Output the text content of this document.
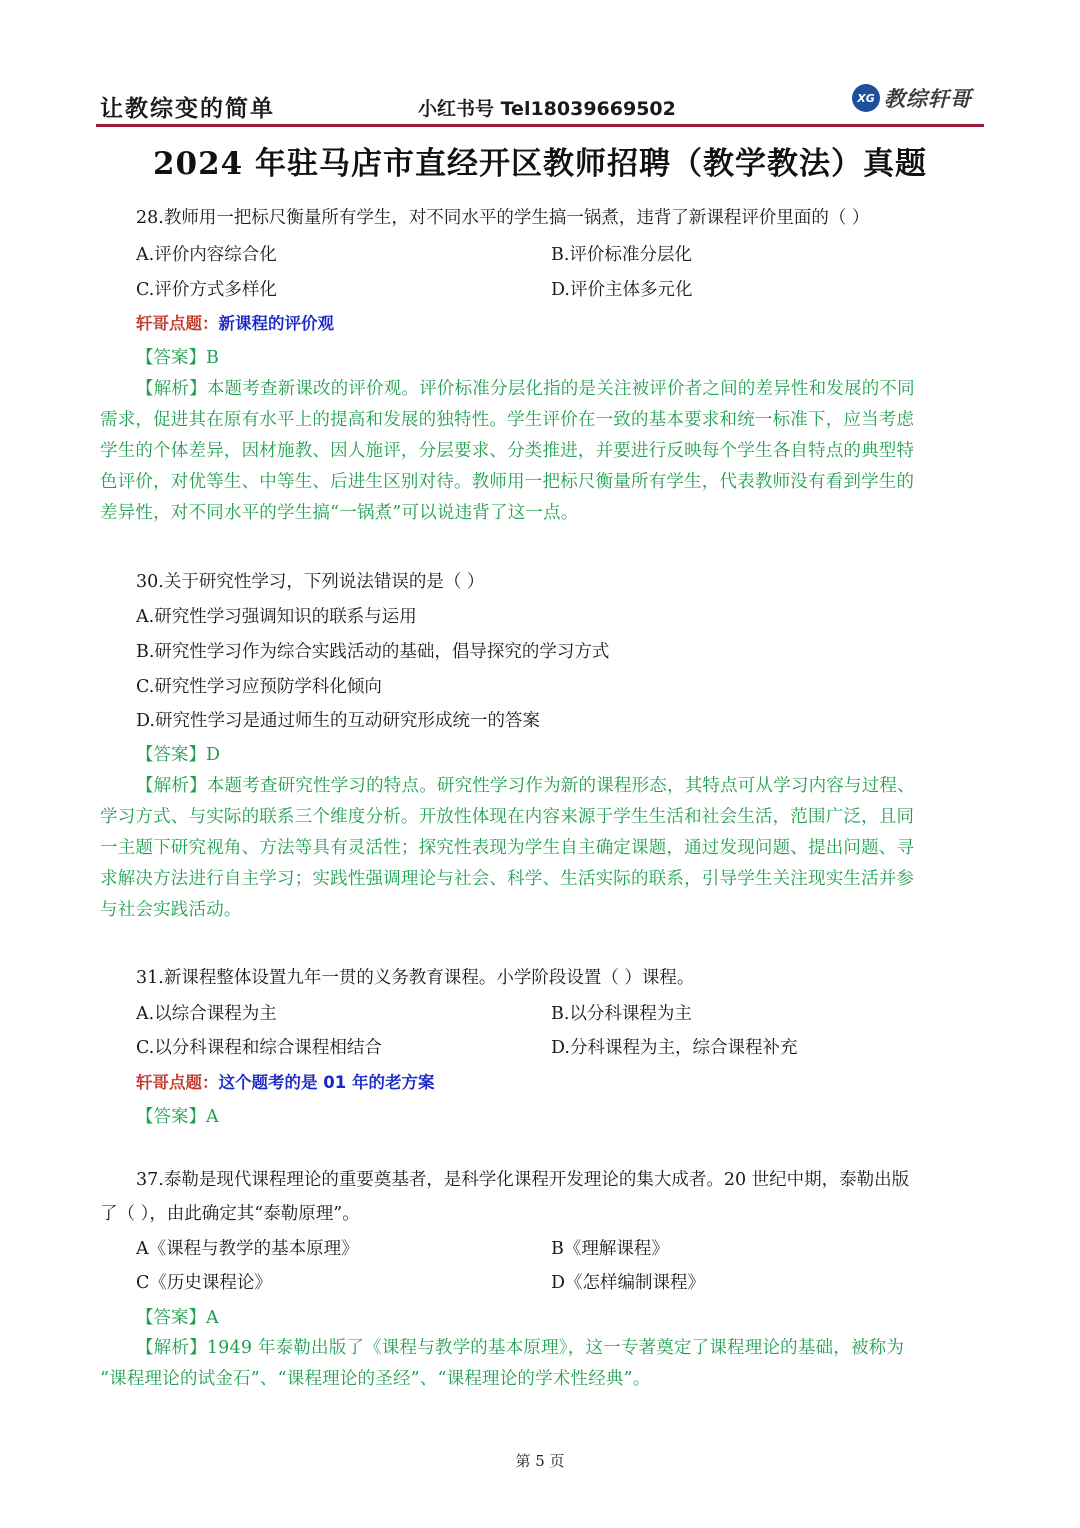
让教综变的简单	小红书号 Tel18039669502	XG 教综轩哥
2024 年驻马店市直经开区教师招聘（教学教法）真题
28.教师用一把标尺衡量所有学生，对不同水平的学生搞一锅煮，违背了新课程评价里面的（ ）
A.评价内容综合化	B.评价标准分层化
C.评价方式多样化	D.评价主体多元化
轩哥点题：新课程的评价观
【答案】B
【解析】本题考查新课改的评价观。评价标准分层化指的是关注被评价者之间的差异性和发展的不同
需求，促进其在原有水平上的提高和发展的独特性。学生评价在一致的基本要求和统一标准下，应当考虑
学生的个体差异，因材施教、因人施评，分层要求、分类推进，并要进行反映每个学生各自特点的典型特
色评价，对优等生、中等生、后进生区别对待。教师用一把标尺衡量所有学生，代表教师没有看到学生的
差异性，对不同水平的学生搞“一锅煮”可以说违背了这一点。
30.关于研究性学习，下列说法错误的是（ ）
A.研究性学习强调知识的联系与运用
B.研究性学习作为综合实践活动的基础，倡导探究的学习方式
C.研究性学习应预防学科化倾向
D.研究性学习是通过师生的互动研究形成统一的答案
【答案】D
【解析】本题考查研究性学习的特点。研究性学习作为新的课程形态，其特点可从学习内容与过程、
学习方式、与实际的联系三个维度分析。开放性体现在内容来源于学生生活和社会生活，范围广泛，且同
一主题下研究视角、方法等具有灵活性；探究性表现为学生自主确定课题，通过发现问题、提出问题、寻
求解决方法进行自主学习；实践性强调理论与社会、科学、生活实际的联系，引导学生关注现实生活并参
与社会实践活动。
31.新课程整体设置九年一贯的义务教育课程。小学阶段设置（ ）课程。
A.以综合课程为主	B.以分科课程为主
C.以分科课程和综合课程相结合	D.分科课程为主，综合课程补充
轩哥点题：这个题考的是 01 年的老方案
【答案】A
37.泰勒是现代课程理论的重要奠基者，是科学化课程开发理论的集大成者。20 世纪中期，泰勒出版
了（ ），由此确定其“泰勒原理”。
A《课程与教学的基本原理》	B《理解课程》
C《历史课程论》	D《怎样编制课程》
【答案】A
【解析】1949 年泰勒出版了《课程与教学的基本原理》，这一专著奠定了课程理论的基础，被称为
“课程理论的试金石”、“课程理论的圣经”、“课程理论的学术性经典”。
第 5 页
